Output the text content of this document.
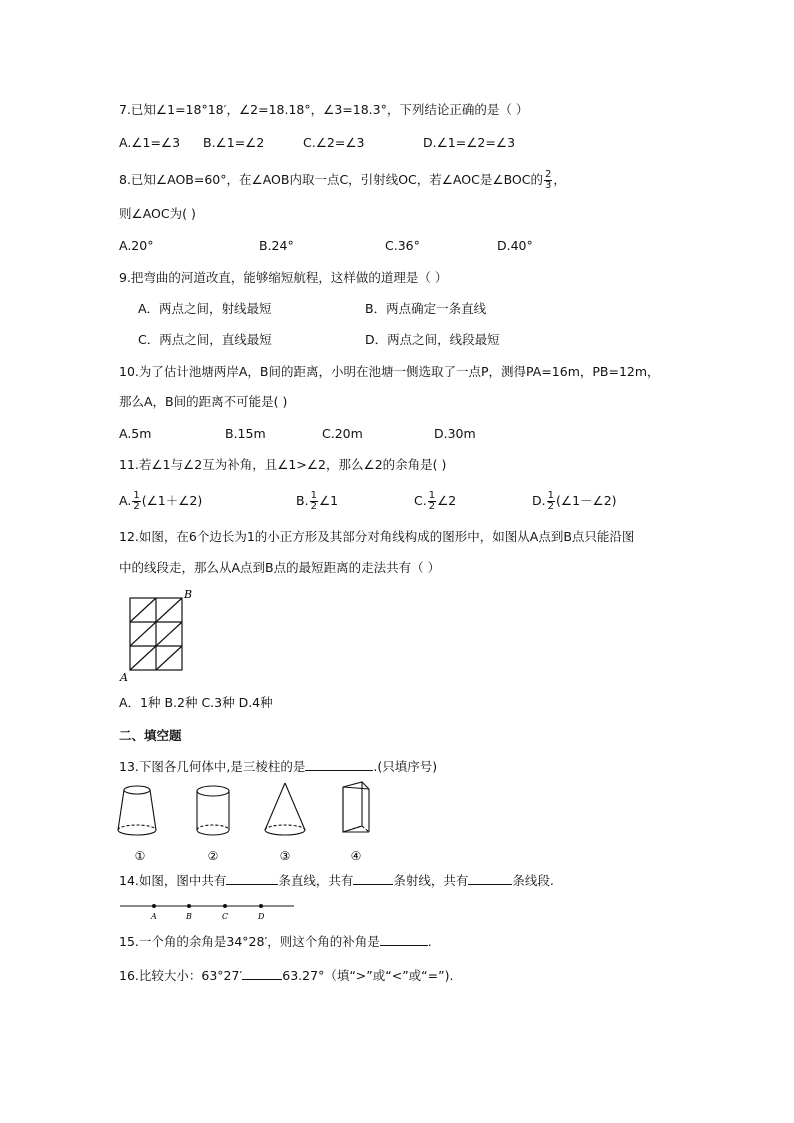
7.已知∠1=18°18′，∠2=18.18°，∠3=18.3°，下列结论正确的是（ ）
A.∠1=∠3 B.∠1=∠2	C.∠2=∠3	D.∠1=∠2=∠3
8.已知∠AOB=60°，在∠AOB内取一点C，引射线OC，若∠AOC是∠BOC的 $\frac{2}{3}$ ，
则∠AOC为( )
A.20°	B.24°	C.36°	D.40°
9.把弯曲的河道改直，能够缩短航程，这样做的道理是（ ）
A．两点之间，射线最短	B．两点确定一条直线
C．两点之间，直线最短	D．两点之间，线段最短
10.为了估计池塘两岸A，B间的距离，小明在池塘一侧选取了一点P，测得PA=16m，PB=12m，
那么A，B间的距离不可能是( )
A.5m	B.15m	C.20m	D.30m
11.若∠1与∠2互为补角，且∠1>∠2，那么∠2的余角是( )
A. $\frac{1}{2}$ (∠1＋∠2)	B. $\frac{1}{2}$ ∠1	C. $\frac{1}{2}$ ∠2	D. $\frac{1}{2}$ (∠1－∠2)
12.如图，在6个边长为1的小正方形及其部分对角线构成的图形中，如图从A点到B点只能沿图
中的线段走，那么从A点到B点的最短距离的走法共有（ ）
B
A
A．1种 B.2种 C.3种 D.4种
二、填空题
13.下图各几何体中,是三棱柱的是	.(只填序号)
①	②	③	④
14.如图，图中共有	条直线，共有	条射线，共有	条线段.
A	B	C	D
15.一个角的余角是34°28′，则这个角的补角是	.
16.比较大小：63°27′	63.27°（填“>”或“<”或“=”).
